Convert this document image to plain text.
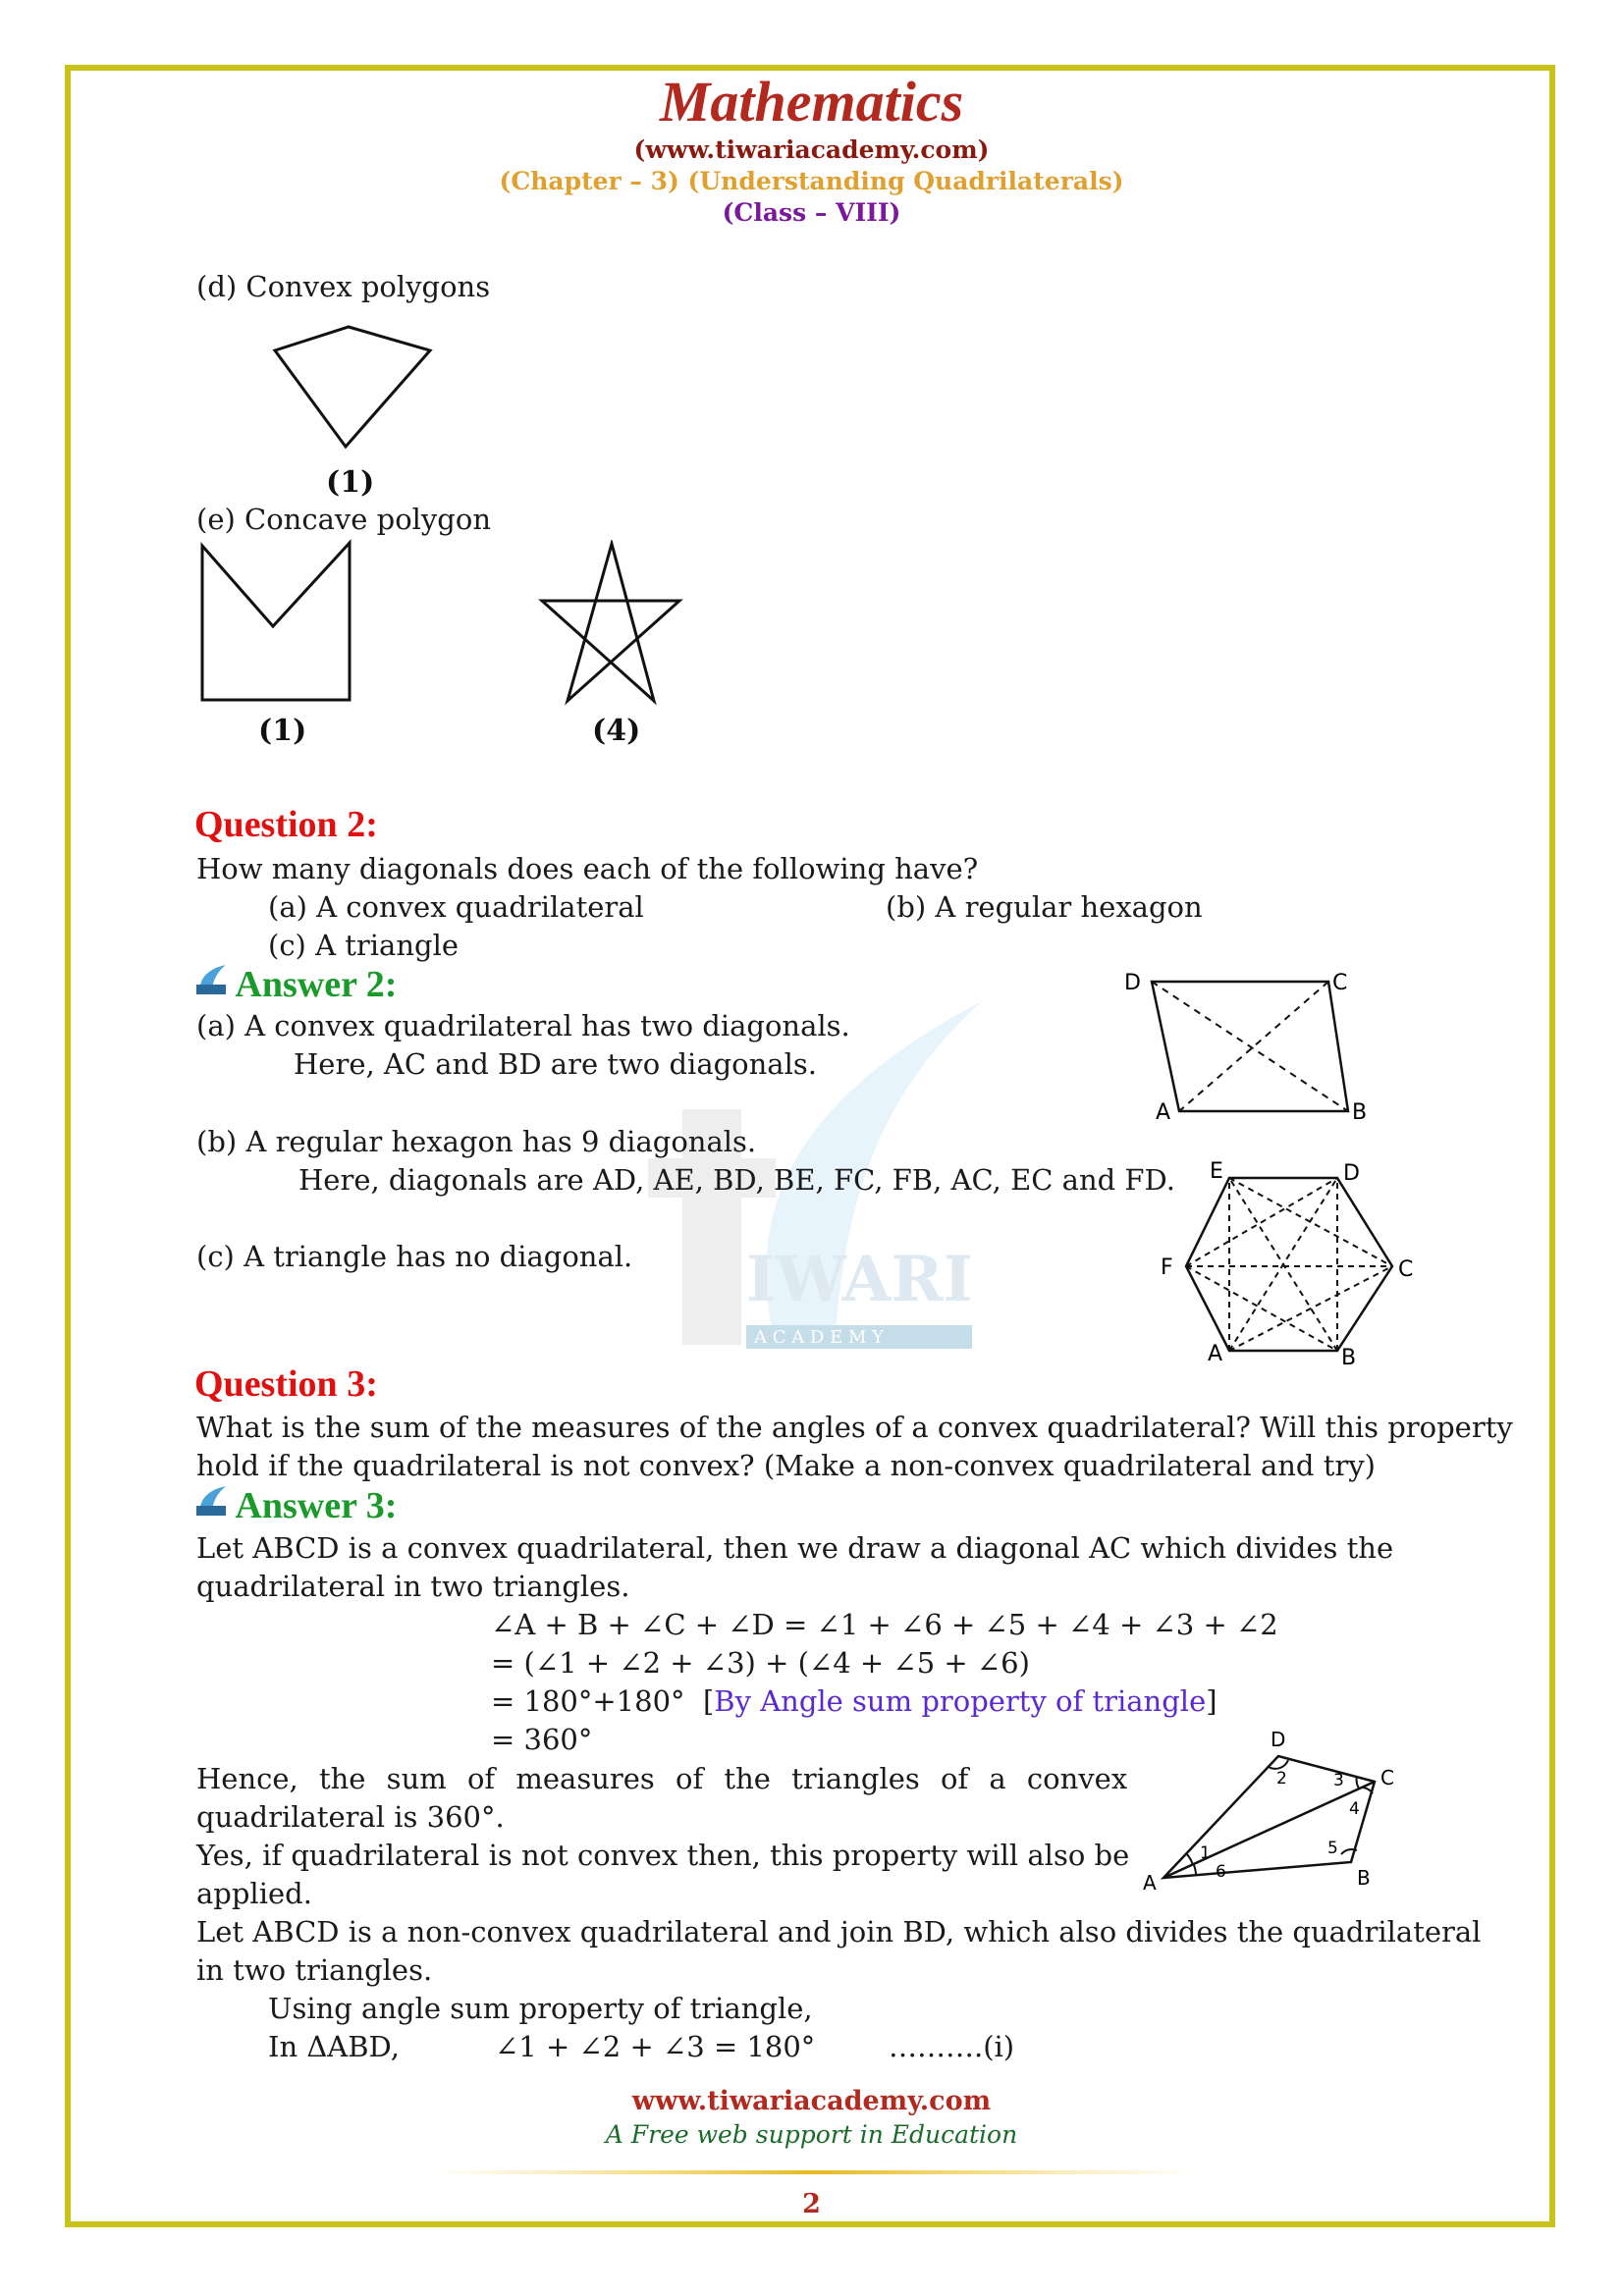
IWARI
A C A D E M Y
Mathematics
(www.tiwariacademy.com)
(Chapter – 3) (Understanding Quadrilaterals)
(Class – VIII)
(d) Convex polygons
(1)
(e) Concave polygon
(1)	(4)
Question 2:
How many diagonals does each of the following have?
(a) A convex quadrilateral	(b) A regular hexagon
(c) A triangle
Answer 2:
(a) A convex quadrilateral has two diagonals.
Here, AC and BD are two diagonals.
(b) A regular hexagon has 9 diagonals.
Here, diagonals are AD, AE, BD, BE, FC, FB, AC, EC and FD.
(c) A triangle has no diagonal.
D	C
A	B
E	D
F	C
A	B
Question 3:
What is the sum of the measures of the angles of a convex quadrilateral? Will this property
hold if the quadrilateral is not convex? (Make a non-convex quadrilateral and try)
Answer 3:
Let ABCD is a convex quadrilateral, then we draw a diagonal AC which divides the
quadrilateral in two triangles.
∠A + B + ∠C + ∠D = ∠1 + ∠6 + ∠5 + ∠4 + ∠3 + ∠2
= (∠1 + ∠2 + ∠3) + (∠4 + ∠5 + ∠6)
= 180°+180° [By Angle sum property of triangle]
= 360°
Hence, the sum of measures of the triangles of a convex
quadrilateral is 360°.
Yes, if quadrilateral is not convex then, this property will also be
applied.
Let ABCD is a non-convex quadrilateral and join BD, which also divides the quadrilateral
in two triangles.
Using angle sum property of triangle,
In ΔABD,	∠1 + ∠2 + ∠3 = 180°	……….(i)
D
C
A	B
1
2	3
4
5
6
www.tiwariacademy.com
A Free web support in Education
2
